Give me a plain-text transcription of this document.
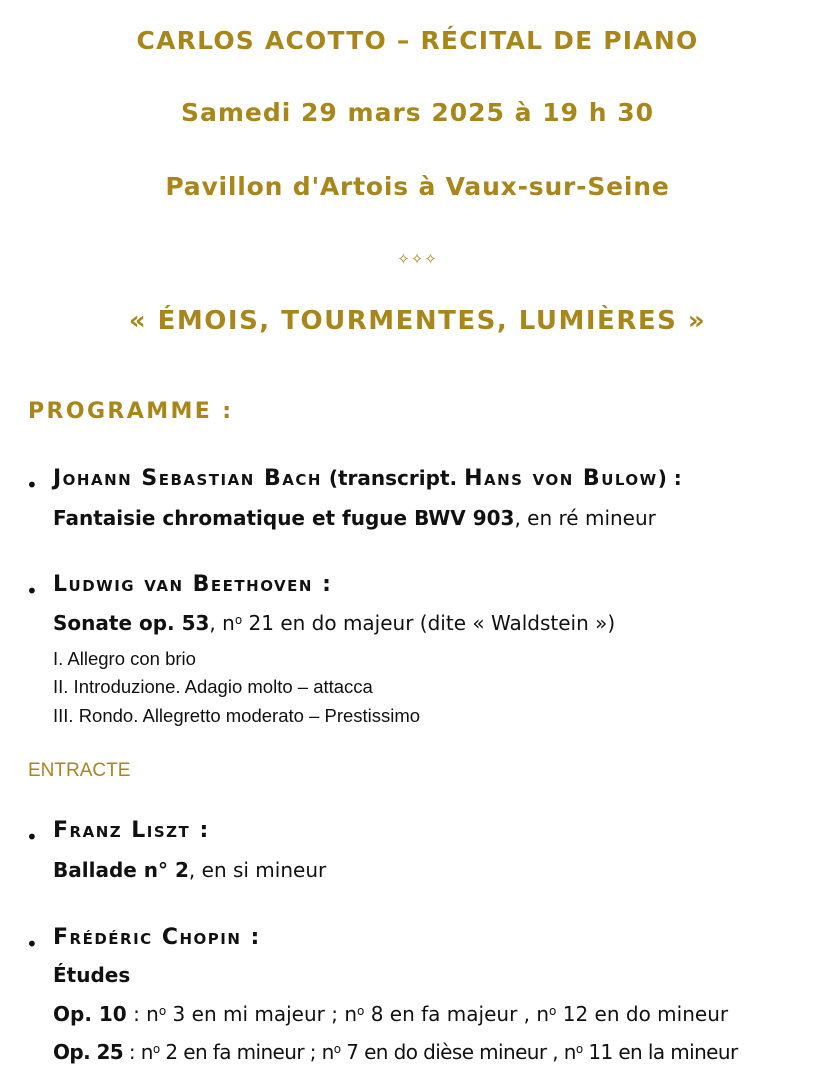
CARLOS ACOTTO – RÉCITAL DE PIANO
Samedi 29 mars 2025 à 19 h 30
Pavillon d'Artois à Vaux-sur-Seine
✧✧✧
« ÉMOIS, TOURMENTES, LUMIÈRES »
PROGRAMME :
• Johann Sebastian Bach (transcript. Hans von Bulow) :
Fantaisie chromatique et fugue BWV 903, en ré mineur
• Ludwig van Beethoven :
Sonate op. 53, $n^o$ 21 en do majeur (dite « Waldstein »)
I. Allegro con brio
II. Introduzione. Adagio molto – attacca
III. Rondo. Allegretto moderato – Prestissimo
ENTRACTE
• Franz Liszt :
Ballade n° 2, en si mineur
• Frédéric Chopin :
Études
Op. 10 : $n^o$ 3 en mi majeur ; $n^o$ 8 en fa majeur , $n^o$ 12 en do mineur
Op. 25 : $n^o$ 2 en fa mineur ; $n^o$ 7 en do dièse mineur , $n^o$ 11 en la mineur
